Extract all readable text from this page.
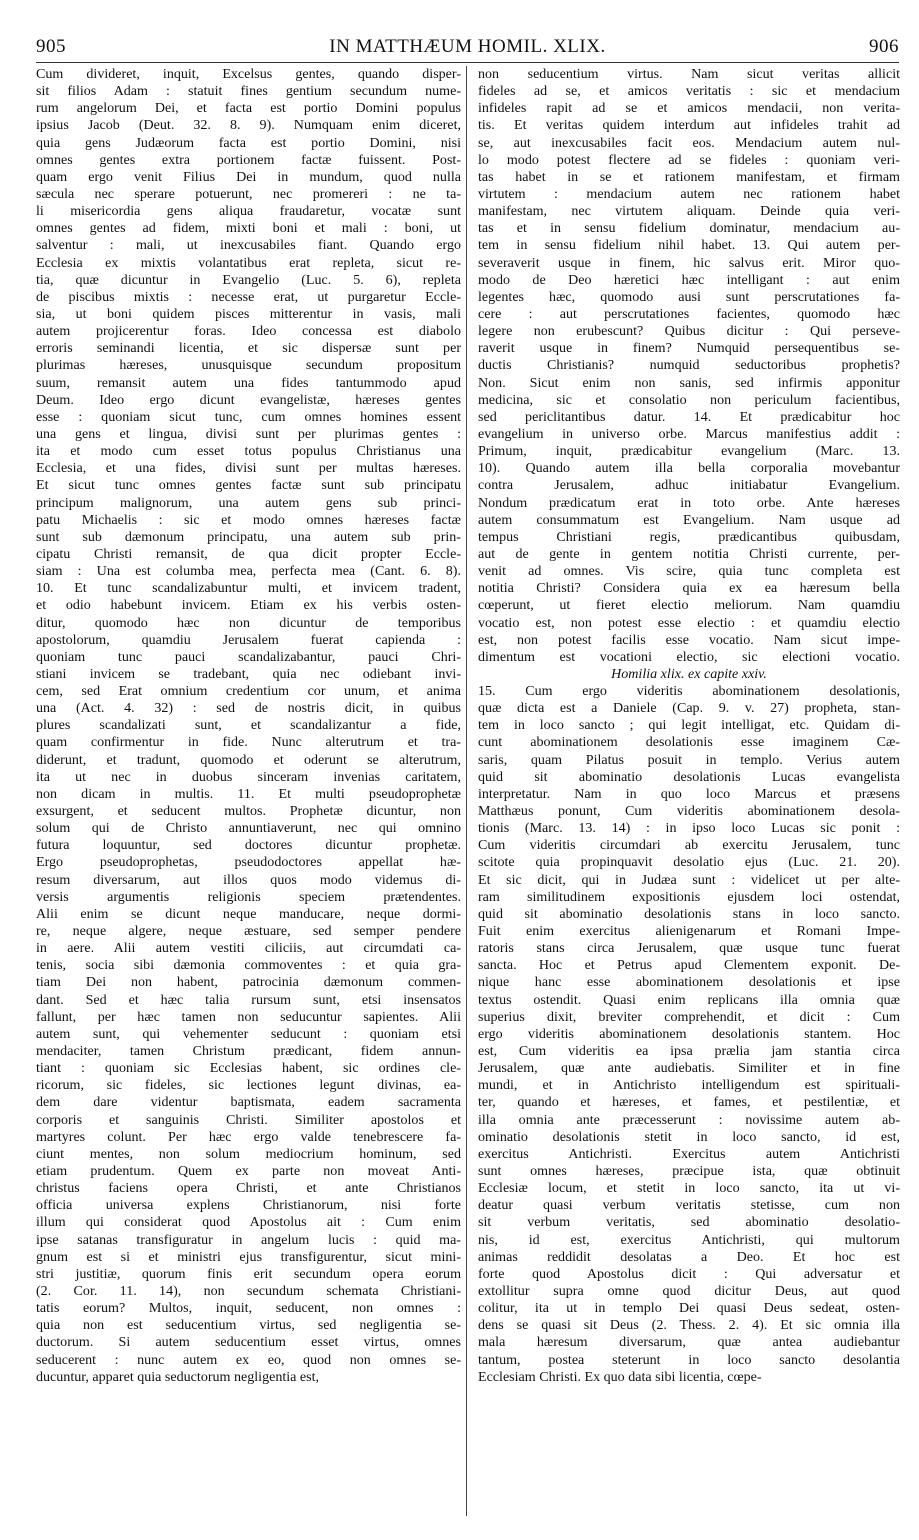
905	IN MATTHÆUM HOMIL. XLIX.	906
Cum divideret, inquit, Excelsus gentes, quando disper-
sit filios Adam : statuit fines gentium secundum nume-
rum angelorum Dei, et facta est portio Domini populus
ipsius Jacob (Deut. 32. 8. 9). Numquam enim diceret,
quia gens Judæorum facta est portio Domini, nisi
omnes gentes extra portionem factæ fuissent. Post-
quam ergo venit Filius Dei in mundum, quod nulla
sæcula nec sperare potuerunt, nec promereri : ne ta-
li misericordia gens aliqua fraudaretur, vocatæ sunt
omnes gentes ad fidem, mixti boni et mali : boni, ut
salventur : mali, ut inexcusabiles fiant. Quando ergo
Ecclesia ex mixtis volantatibus erat repleta, sicut re-
tia, quæ dicuntur in Evangelio (Luc. 5. 6), repleta
de piscibus mixtis : necesse erat, ut purgaretur Eccle-
sia, ut boni quidem pisces mitterentur in vasis, mali
autem projicerentur foras. Ideo concessa est diabolo
erroris seminandi licentia, et sic dispersæ sunt per
plurimas hæreses, unusquisque secundum propositum
suum, remansit autem una fides tantummodo apud
Deum. Ideo ergo dicunt evangelistæ, hæreses gentes
esse : quoniam sicut tunc, cum omnes homines essent
una gens et lingua, divisi sunt per plurimas gentes :
ita et modo cum esset totus populus Christianus una
Ecclesia, et una fides, divisi sunt per multas hæreses.
Et sicut tunc omnes gentes factæ sunt sub principatu
principum malignorum, una autem gens sub princi-
patu Michaelis : sic et modo omnes hæreses factæ
sunt sub dæmonum principatu, una autem sub prin-
cipatu Christi remansit, de qua dicit propter Eccle-
siam : Una est columba mea, perfecta mea (Cant. 6. 8).
10. Et tunc scandalizabuntur multi, et invicem tradent,
et odio habebunt invicem. Etiam ex his verbis osten-
ditur, quomodo hæc non dicuntur de temporibus
apostolorum, quamdiu Jerusalem fuerat capienda :
quoniam tunc pauci scandalizabantur, pauci Chri-
stiani invicem se tradebant, quia nec odiebant invi-
cem, sed Erat omnium credentium cor unum, et anima
una (Act. 4. 32) : sed de nostris dicit, in quibus
plures scandalizati sunt, et scandalizantur a fide,
quam confirmentur in fide. Nunc alterutrum et tra-
diderunt, et tradunt, quomodo et oderunt se alterutrum,
ita ut nec in duobus sinceram invenias caritatem,
non dicam in multis. 11. Et multi pseudoprophetæ
exsurgent, et seducent multos. Prophetæ dicuntur, non
solum qui de Christo annuntiaverunt, nec qui omnino
futura loquuntur, sed doctores dicuntur prophetæ.
Ergo pseudoprophetas, pseudodoctores appellat hæ-
resum diversarum, aut illos quos modo videmus di-
versis argumentis religionis speciem prætendentes.
Alii enim se dicunt neque manducare, neque dormi-
re, neque algere, neque æstuare, sed semper pendere
in aere. Alii autem vestiti ciliciis, aut circumdati ca-
tenis, socia sibi dæmonia commoventes : et quia gra-
tiam Dei non habent, patrocinia dæmonum commen-
dant. Sed et hæc talia rursum sunt, etsi insensatos
fallunt, per hæc tamen non seducuntur sapientes. Alii
autem sunt, qui vehementer seducunt : quoniam etsi
mendaciter, tamen Christum prædicant, fidem annun-
tiant : quoniam sic Ecclesias habent, sic ordines cle-
ricorum, sic fideles, sic lectiones legunt divinas, ea-
dem dare videntur baptismata, eadem sacramenta
corporis et sanguinis Christi. Similiter apostolos et
martyres colunt. Per hæc ergo valde tenebrescere fa-
ciunt mentes, non solum mediocrium hominum, sed
etiam prudentum. Quem ex parte non moveat Anti-
christus faciens opera Christi, et ante Christianos
officia universa explens Christianorum, nisi forte
illum qui considerat quod Apostolus ait : Cum enim
ipse satanas transfiguratur in angelum lucis : quid ma-
gnum est si et ministri ejus transfigurentur, sicut mini-
stri justitiæ, quorum finis erit secundum opera eorum
(2. Cor. 11. 14), non secundum schemata Christiani-
tatis eorum? Multos, inquit, seducent, non omnes :
quia non est seducentium virtus, sed negligentia se-
ductorum. Si autem seducentium esset virtus, omnes
seducerent : nunc autem ex eo, quod non omnes se-
ducuntur, apparet quia seductorum negligentia est,
non seducentium virtus. Nam sicut veritas allicit
fideles ad se, et amicos veritatis : sic et mendacium
infideles rapit ad se et amicos mendacii, non verita-
tis. Et veritas quidem interdum aut infideles trahit ad
se, aut inexcusabiles facit eos. Mendacium autem nul-
lo modo potest flectere ad se fideles : quoniam veri-
tas habet in se et rationem manifestam, et firmam
virtutem : mendacium autem nec rationem habet
manifestam, nec virtutem aliquam. Deinde quia veri-
tas et in sensu fidelium dominatur, mendacium au-
tem in sensu fidelium nihil habet. 13. Qui autem per-
severaverit usque in finem, hic salvus erit. Miror quo-
modo de Deo hæretici hæc intelligant : aut enim
legentes hæc, quomodo ausi sunt perscrutationes fa-
cere : aut perscrutationes facientes, quomodo hæc
legere non erubescunt? Quibus dicitur : Qui perseve-
raverit usque in finem? Numquid persequentibus se-
ductis Christianis? numquid seductoribus prophetis?
Non. Sicut enim non sanis, sed infirmis apponitur
medicina, sic et consolatio non periculum facientibus,
sed periclitantibus datur. 14. Et prædicabitur hoc
evangelium in universo orbe. Marcus manifestius addit :
Primum, inquit, prædicabitur evangelium (Marc. 13.
10). Quando autem illa bella corporalia movebantur
contra Jerusalem, adhuc initiabatur Evangelium.
Nondum prædicatum erat in toto orbe. Ante hæreses
autem consummatum est Evangelium. Nam usque ad
tempus Christiani regis, prædicantibus quibusdam,
aut de gente in gentem notitia Christi currente, per-
venit ad omnes. Vis scire, quia tunc completa est
notitia Christi? Considera quia ex ea hæresum bella
cœperunt, ut fieret electio meliorum. Nam quamdiu
vocatio est, non potest esse electio : et quamdiu electio
est, non potest facilis esse vocatio. Nam sicut impe-
dimentum est vocationi electio, sic electioni vocatio.
Homilia xlix. ex capite xxiv.
15. Cum ergo videritis abominationem desolationis,
quæ dicta est a Daniele (Cap. 9. v. 27) propheta, stan-
tem in loco sancto ; qui legit intelligat, etc. Quidam di-
cunt abominationem desolationis esse imaginem Cæ-
saris, quam Pilatus posuit in templo. Verius autem
quid sit abominatio desolationis Lucas evangelista
interpretatur. Nam in quo loco Marcus et præsens
Matthæus ponunt, Cum videritis abominationem desola-
tionis (Marc. 13. 14) : in ipso loco Lucas sic ponit :
Cum videritis circumdari ab exercitu Jerusalem, tunc
scitote quia propinquavit desolatio ejus (Luc. 21. 20).
Et sic dicit, qui in Judæa sunt : videlicet ut per alte-
ram similitudinem expositionis ejusdem loci ostendat,
quid sit abominatio desolationis stans in loco sancto.
Fuit enim exercitus alienigenarum et Romani Impe-
ratoris stans circa Jerusalem, quæ usque tunc fuerat
sancta. Hoc et Petrus apud Clementem exponit. De-
nique hanc esse abominationem desolationis et ipse
textus ostendit. Quasi enim replicans illa omnia quæ
superius dixit, breviter comprehendit, et dicit : Cum
ergo videritis abominationem desolationis stantem. Hoc
est, Cum videritis ea ipsa prælia jam stantia circa
Jerusalem, quæ ante audiebatis. Similiter et in fine
mundi, et in Antichristo intelligendum est spirituali-
ter, quando et hæreses, et fames, et pestilentiæ, et
illa omnia ante præcesserunt : novissime autem ab-
ominatio desolationis stetit in loco sancto, id est,
exercitus Antichristi. Exercitus autem Antichristi
sunt omnes hæreses, præcipue ista, quæ obtinuit
Ecclesiæ locum, et stetit in loco sancto, ita ut vi-
deatur quasi verbum veritatis stetisse, cum non
sit verbum veritatis, sed abominatio desolatio-
nis, id est, exercitus Antichristi, qui multorum
animas reddidit desolatas a Deo. Et hoc est
forte quod Apostolus dicit : Qui adversatur et
extollitur supra omne quod dicitur Deus, aut quod
colitur, ita ut in templo Dei quasi Deus sedeat, osten-
dens se quasi sit Deus (2. Thess. 2. 4). Et sic omnia illa
mala hæresum diversarum, quæ antea audiebantur
tantum, postea steterunt in loco sancto desolantia
Ecclesiam Christi. Ex quo data sibi licentia, cœpe-
